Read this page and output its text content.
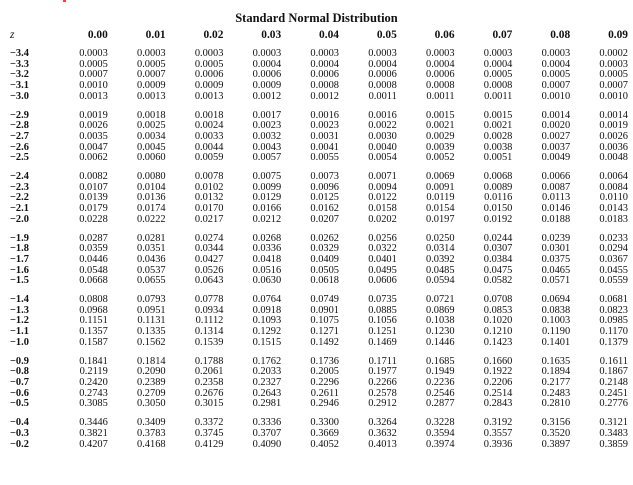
Standard Normal Distribution
z	0.00	0.01	0.02	0.03	0.04	0.05	0.06	0.07	0.08	0.09

−3.4	0.0003	0.0003	0.0003	0.0003	0.0003	0.0003	0.0003	0.0003	0.0003	0.0002
−3.3	0.0005	0.0005	0.0005	0.0004	0.0004	0.0004	0.0004	0.0004	0.0004	0.0003
−3.2	0.0007	0.0007	0.0006	0.0006	0.0006	0.0006	0.0006	0.0005	0.0005	0.0005
−3.1	0.0010	0.0009	0.0009	0.0009	0.0008	0.0008	0.0008	0.0008	0.0007	0.0007
−3.0	0.0013	0.0013	0.0013	0.0012	0.0012	0.0011	0.0011	0.0011	0.0010	0.0010

−2.9	0.0019	0.0018	0.0018	0.0017	0.0016	0.0016	0.0015	0.0015	0.0014	0.0014
−2.8	0.0026	0.0025	0.0024	0.0023	0.0023	0.0022	0.0021	0.0021	0.0020	0.0019
−2.7	0.0035	0.0034	0.0033	0.0032	0.0031	0.0030	0.0029	0.0028	0.0027	0.0026
−2.6	0.0047	0.0045	0.0044	0.0043	0.0041	0.0040	0.0039	0.0038	0.0037	0.0036
−2.5	0.0062	0.0060	0.0059	0.0057	0.0055	0.0054	0.0052	0.0051	0.0049	0.0048

−2.4	0.0082	0.0080	0.0078	0.0075	0.0073	0.0071	0.0069	0.0068	0.0066	0.0064
−2.3	0.0107	0.0104	0.0102	0.0099	0.0096	0.0094	0.0091	0.0089	0.0087	0.0084
−2.2	0.0139	0.0136	0.0132	0.0129	0.0125	0.0122	0.0119	0.0116	0.0113	0.0110
−2.1	0.0179	0.0174	0.0170	0.0166	0.0162	0.0158	0.0154	0.0150	0.0146	0.0143
−2.0	0.0228	0.0222	0.0217	0.0212	0.0207	0.0202	0.0197	0.0192	0.0188	0.0183

−1.9	0.0287	0.0281	0.0274	0.0268	0.0262	0.0256	0.0250	0.0244	0.0239	0.0233
−1.8	0.0359	0.0351	0.0344	0.0336	0.0329	0.0322	0.0314	0.0307	0.0301	0.0294
−1.7	0.0446	0.0436	0.0427	0.0418	0.0409	0.0401	0.0392	0.0384	0.0375	0.0367
−1.6	0.0548	0.0537	0.0526	0.0516	0.0505	0.0495	0.0485	0.0475	0.0465	0.0455
−1.5	0.0668	0.0655	0.0643	0.0630	0.0618	0.0606	0.0594	0.0582	0.0571	0.0559

−1.4	0.0808	0.0793	0.0778	0.0764	0.0749	0.0735	0.0721	0.0708	0.0694	0.0681
−1.3	0.0968	0.0951	0.0934	0.0918	0.0901	0.0885	0.0869	0.0853	0.0838	0.0823
−1.2	0.1151	0.1131	0.1112	0.1093	0.1075	0.1056	0.1038	0.1020	0.1003	0.0985
−1.1	0.1357	0.1335	0.1314	0.1292	0.1271	0.1251	0.1230	0.1210	0.1190	0.1170
−1.0	0.1587	0.1562	0.1539	0.1515	0.1492	0.1469	0.1446	0.1423	0.1401	0.1379

−0.9	0.1841	0.1814	0.1788	0.1762	0.1736	0.1711	0.1685	0.1660	0.1635	0.1611
−0.8	0.2119	0.2090	0.2061	0.2033	0.2005	0.1977	0.1949	0.1922	0.1894	0.1867
−0.7	0.2420	0.2389	0.2358	0.2327	0.2296	0.2266	0.2236	0.2206	0.2177	0.2148
−0.6	0.2743	0.2709	0.2676	0.2643	0.2611	0.2578	0.2546	0.2514	0.2483	0.2451
−0.5	0.3085	0.3050	0.3015	0.2981	0.2946	0.2912	0.2877	0.2843	0.2810	0.2776

−0.4	0.3446	0.3409	0.3372	0.3336	0.3300	0.3264	0.3228	0.3192	0.3156	0.3121
−0.3	0.3821	0.3783	0.3745	0.3707	0.3669	0.3632	0.3594	0.3557	0.3520	0.3483
−0.2	0.4207	0.4168	0.4129	0.4090	0.4052	0.4013	0.3974	0.3936	0.3897	0.3859
